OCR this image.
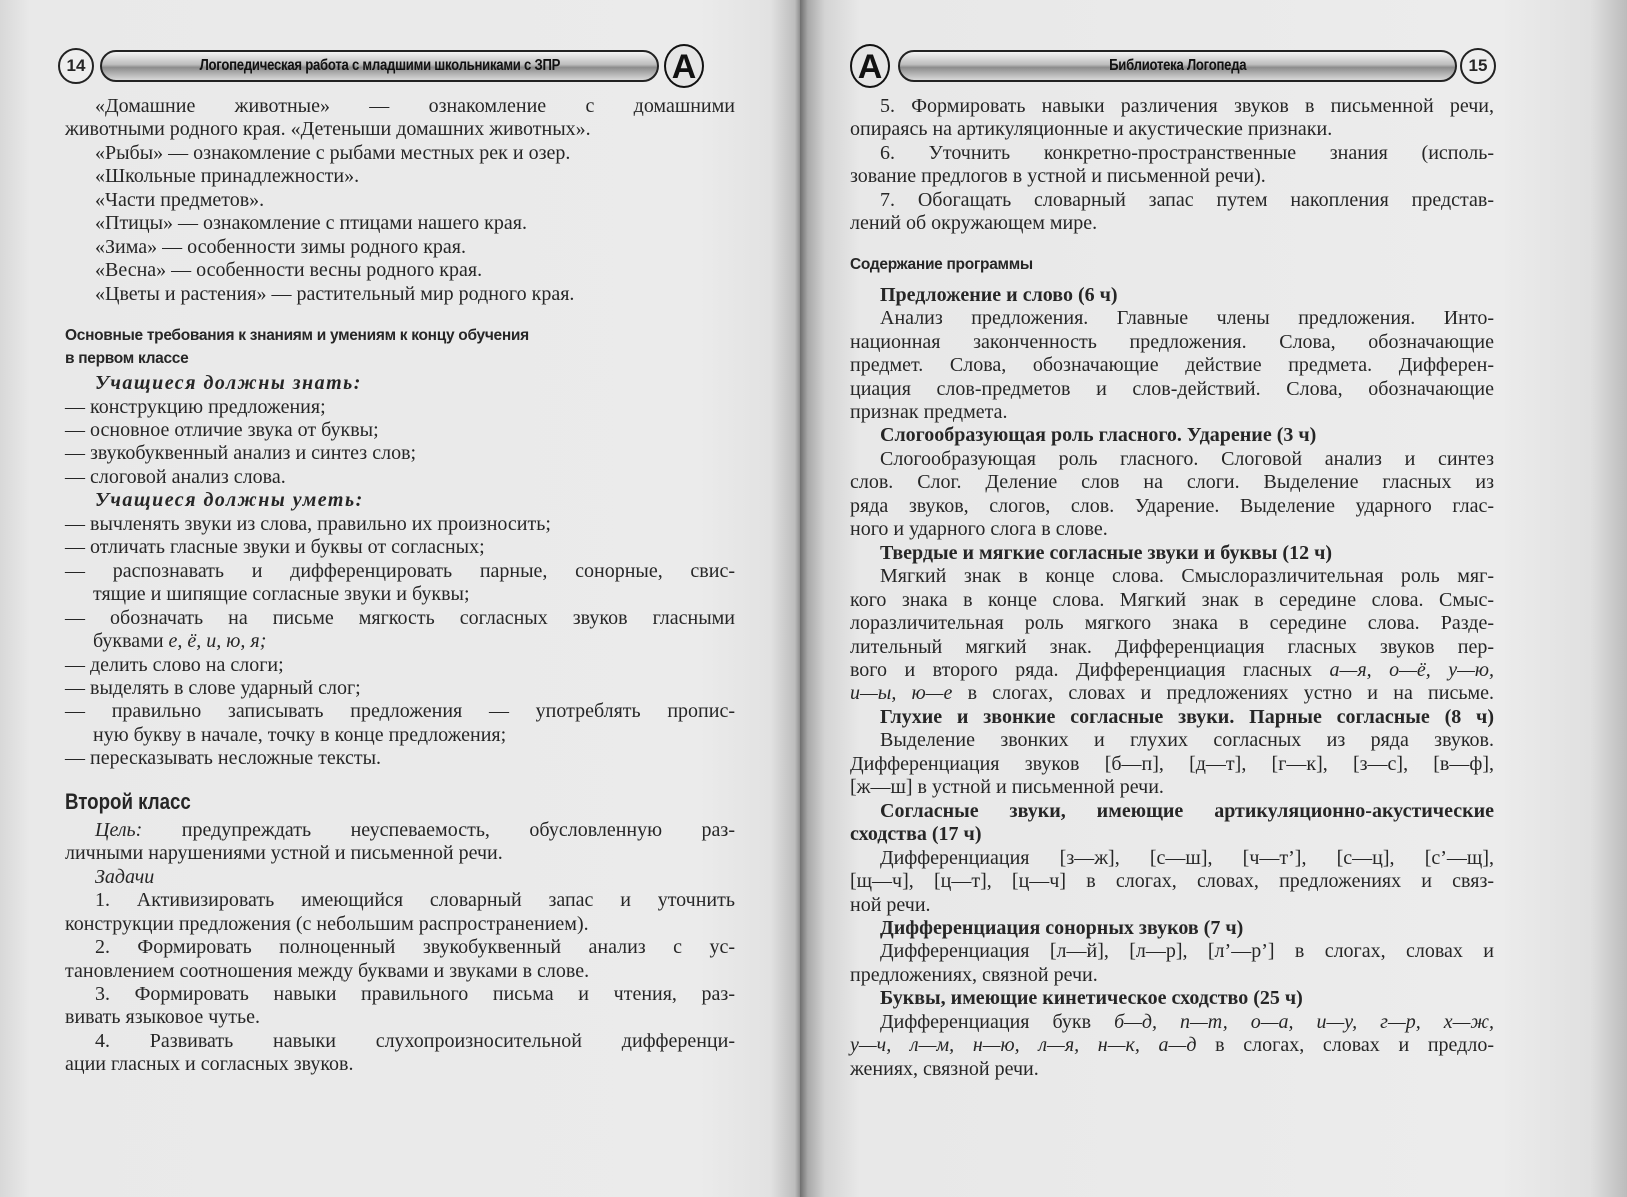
14	Логопедическая работа с младшими школьниками с ЗПР	А
«Домашние животные» — ознакомление с домашними
животными родного края. «Детеныши домашних животных».
«Рыбы» — ознакомление с рыбами местных рек и озер.
«Школьные принадлежности».
«Части предметов».
«Птицы» — ознакомление с птицами нашего края.
«Зима» — особенности зимы родного края.
«Весна» — особенности весны родного края.
«Цветы и растения» — растительный мир родного края.
Основные требования к знаниям и умениям к концу обучения
в первом классе
Учащиеся должны знать:
— конструкцию предложения;
— основное отличие звука от буквы;
— звукобуквенный анализ и синтез слов;
— слоговой анализ слова.
Учащиеся должны уметь:
— вычленять звуки из слова, правильно их произносить;
— отличать гласные звуки и буквы от согласных;
— распознавать и дифференцировать парные, сонорные, свис-
тящие и шипящие согласные звуки и буквы;
— обозначать на письме мягкость согласных звуков гласными
буквами е, ё, и, ю, я;
— делить слово на слоги;
— выделять в слове ударный слог;
— правильно записывать предложения — употреблять пропис-
ную букву в начале, точку в конце предложения;
— пересказывать несложные тексты.
Второй класс
Цель: предупреждать неуспеваемость, обусловленную раз-
личными нарушениями устной и письменной речи.
Задачи
1. Активизировать имеющийся словарный запас и уточнить
конструкции предложения (с небольшим распространением).
2. Формировать полноценный звукобуквенный анализ с ус-
тановлением соотношения между буквами и звуками в слове.
3. Формировать навыки правильного письма и чтения, раз-
вивать языковое чутье.
4. Развивать навыки слухопроизносительной дифференци-
ации гласных и согласных звуков.
А	Библиотека Логопеда	15
5. Формировать навыки различения звуков в письменной речи,
опираясь на артикуляционные и акустические признаки.
6. Уточнить конкретно-пространственные знания (исполь-
зование предлогов в устной и письменной речи).
7. Обогащать словарный запас путем накопления представ-
лений об окружающем мире.
Содержание программы
Предложение и слово (6 ч)
Анализ предложения. Главные члены предложения. Инто-
национная законченность предложения. Слова, обозначающие
предмет. Слова, обозначающие действие предмета. Дифферен-
циация слов-предметов и слов-действий. Слова, обозначающие
признак предмета.
Слогообразующая роль гласного. Ударение (3 ч)
Слогообразующая роль гласного. Слоговой анализ и синтез
слов. Слог. Деление слов на слоги. Выделение гласных из
ряда звуков, слогов, слов. Ударение. Выделение ударного глас-
ного и ударного слога в слове.
Твердые и мягкие согласные звуки и буквы (12 ч)
Мягкий знак в конце слова. Смыслоразличительная роль мяг-
кого знака в конце слова. Мягкий знак в середине слова. Смыс-
лоразличительная роль мягкого знака в середине слова. Разде-
лительный мягкий знак. Дифференциация гласных звуков пер-
вого и второго ряда. Дифференциация гласных а—я, о—ё, у—ю,
и—ы, ю—е в слогах, словах и предложениях устно и на письме.
Глухие и звонкие согласные звуки. Парные согласные (8 ч)
Выделение звонких и глухих согласных из ряда звуков.
Дифференциация звуков [б—п], [д—т], [г—к], [з—с], [в—ф],
[ж—ш] в устной и письменной речи.
Согласные звуки, имеющие артикуляционно-акустические
сходства (17 ч)
Дифференциация [з—ж], [с—ш], [ч—т’], [с—ц], [с’—щ],
[щ—ч], [ц—т], [ц—ч] в слогах, словах, предложениях и связ-
ной речи.
Дифференциация сонорных звуков (7 ч)
Дифференциация [л—й], [л—р], [л’—р’] в слогах, словах и
предложениях, связной речи.
Буквы, имеющие кинетическое сходство (25 ч)
Дифференциация букв б—д, п—т, о—а, и—у, г—р, х—ж,
у—ч, л—м, н—ю, л—я, н—к, а—д в слогах, словах и предло-
жениях, связной речи.
